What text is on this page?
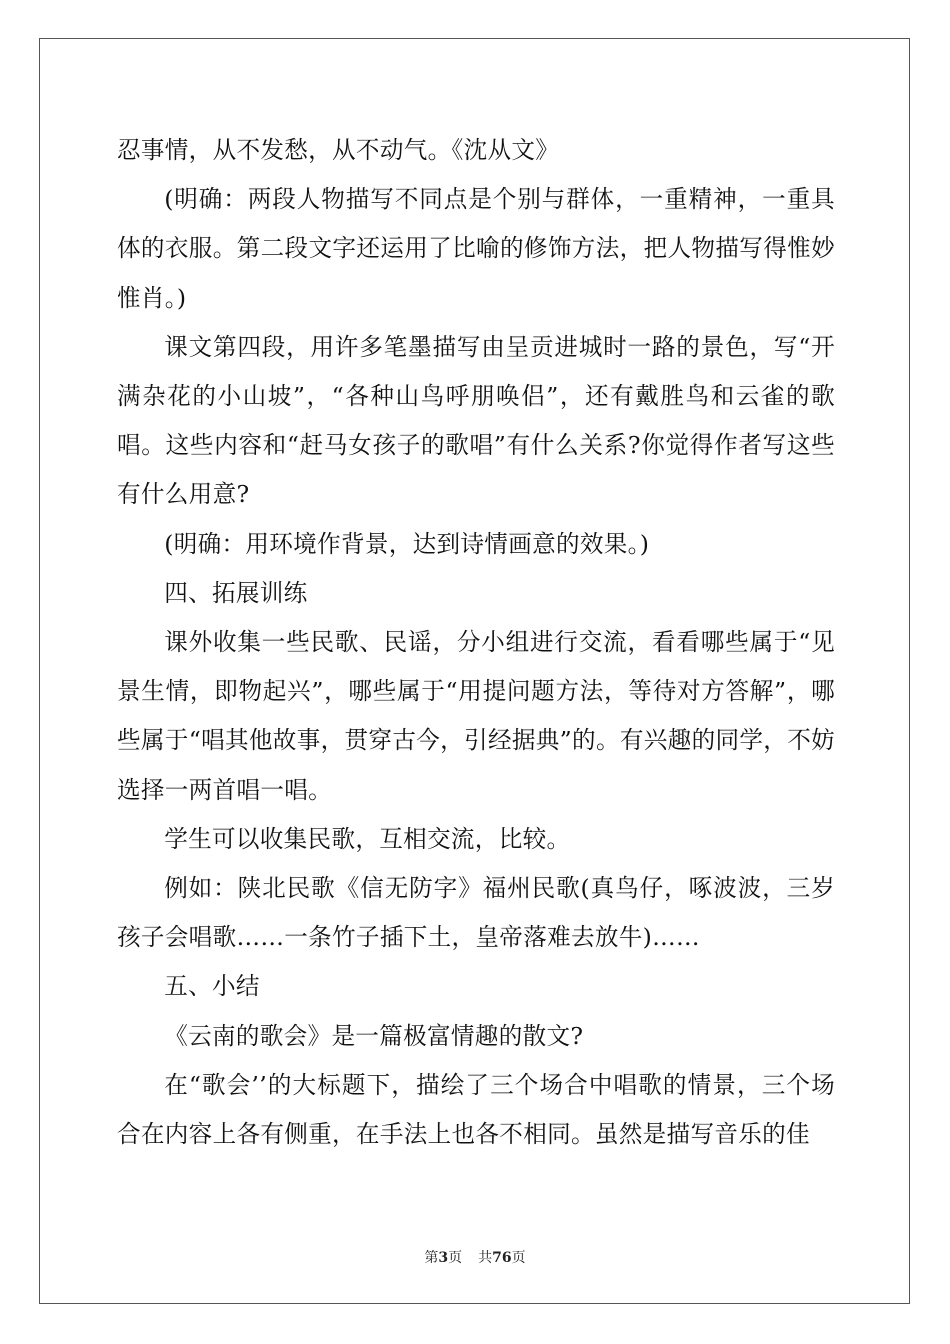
忍事情，从不发愁，从不动气。《沈从文》

(明确：两段人物描写不同点是个别与群体，一重精神，一重具体的衣服。第二段文字还运用了比喻的修饰方法，把人物描写得惟妙惟肖。)

课文第四段，用许多笔墨描写由呈贡进城时一路的景色，写“开满杂花的小山坡”，“各种山鸟呼朋唤侣”，还有戴胜鸟和云雀的歌唱。这些内容和“赶马女孩子的歌唱”有什么关系?你觉得作者写这些有什么用意?

(明确：用环境作背景，达到诗情画意的效果。)

四、拓展训练

课外收集一些民歌、民谣，分小组进行交流，看看哪些属于“见景生情，即物起兴”，哪些属于“用提问题方法，等待对方答解”，哪些属于“唱其他故事，贯穿古今，引经据典”的。有兴趣的同学，不妨选择一两首唱一唱。

学生可以收集民歌，互相交流，比较。

例如：陕北民歌《信无防字》福州民歌(真鸟仔，啄波波，三岁孩子会唱歌……一条竹子插下土，皇帝落难去放牛)……

五、小结

《云南的歌会》是一篇极富情趣的散文?

在“歌会’’的大标题下，描绘了三个场合中唱歌的情景，三个场合在内容上各有侧重，在手法上也各不相同。虽然是描写音乐的佳

第3页 共76页
